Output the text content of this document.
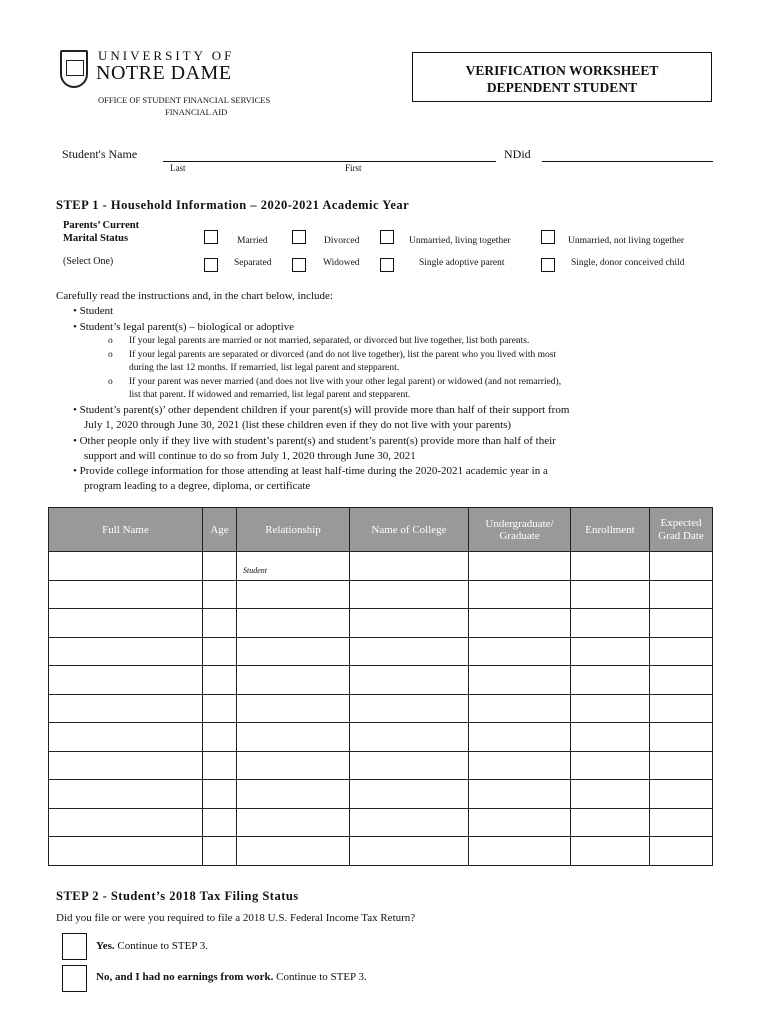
UNIVERSITY OF
NOTRE DAME
OFFICE OF STUDENT FINANCIAL SERVICES
FINANCIAL AID
VERIFICATION WORKSHEET
DEPENDENT STUDENT
Student's Name
Last	First
NDid
STEP 1 - Household Information – 2020-2021 Academic Year
Parents’ Current
Marital Status
(Select One)
Married	Divorced	Unmarried, living together	Unmarried, not living together
Separated	Widowed	Single adoptive parent	Single, donor conceived child
Carefully read the instructions and, in the chart below, include:
• Student
• Student’s legal parent(s) – biological or adoptive
o If your legal parents are married or not married, separated, or divorced but live together, list both parents.
o If your legal parents are separated or divorced (and do not live together), list the parent who you lived with most
during the last 12 months. If remarried, list legal parent and stepparent.
o If your parent was never married (and does not live with your other legal parent) or widowed (and not remarried),
list that parent. If widowed and remarried, list legal parent and stepparent.
• Student’s parent(s)’ other dependent children if your parent(s) will provide more than half of their support from
July 1, 2020 through June 30, 2021 (list these children even if they do not live with your parents)
• Other people only if they live with student’s parent(s) and student’s parent(s) provide more than half of their
support and will continue to do so from July 1, 2020 through June 30, 2021
• Provide college information for those attending at least half-time during the 2020-2021 academic year in a
program leading to a degree, diploma, or certificate
Full Name	Age	Relationship	Name of College	Undergraduate/ Graduate	Enrollment	Expected Grad Date
		$_{Student}$				

STEP 2 - Student’s 2018 Tax Filing Status
Did you file or were you required to file a 2018 U.S. Federal Income Tax Return?
Yes. Continue to STEP 3.
No, and I had no earnings from work. Continue to STEP 3.
